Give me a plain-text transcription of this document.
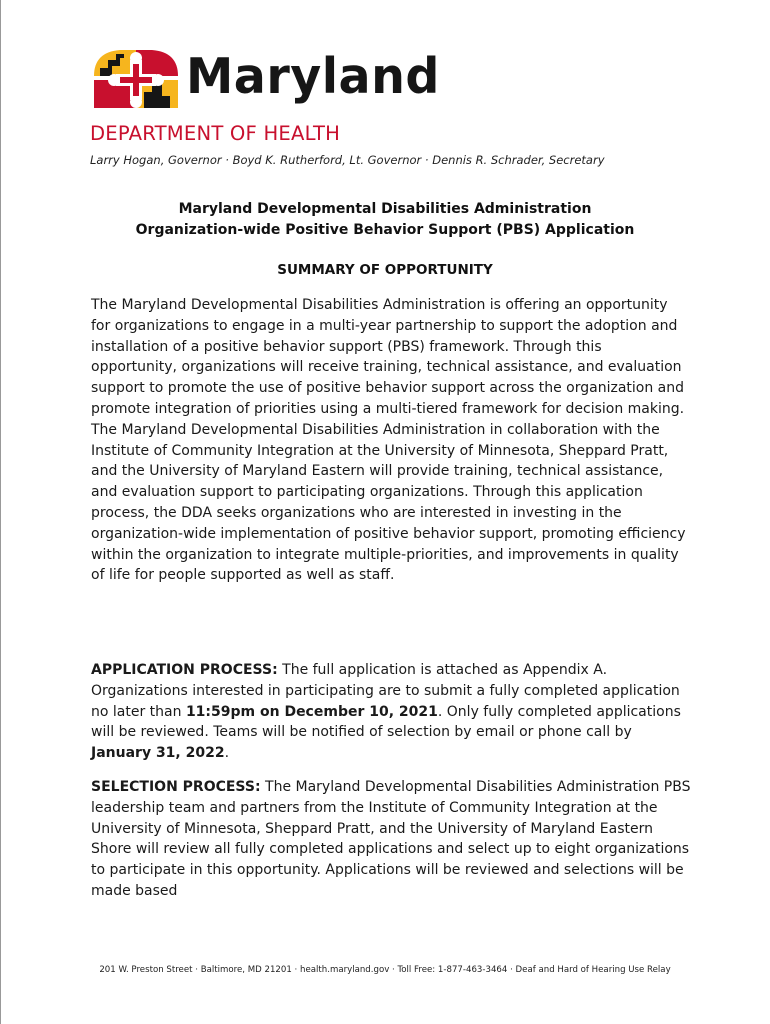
Maryland
DEPARTMENT OF HEALTH
Larry Hogan, Governor · Boyd K. Rutherford, Lt. Governor · Dennis R. Schrader, Secretary
Maryland Developmental Disabilities Administration
Organization-wide Positive Behavior Support (PBS) Application
SUMMARY OF OPPORTUNITY

The Maryland Developmental Disabilities Administration is offering an opportunity for organizations to engage in a multi-year partnership to support the adoption and installation of a positive behavior support (PBS) framework. Through this opportunity, organizations will receive training, technical assistance, and evaluation support to promote the use of positive behavior support across the organization and promote integration of priorities using a multi-tiered framework for decision making. The Maryland Developmental Disabilities Administration in collaboration with the Institute of Community Integration at the University of Minnesota, Sheppard Pratt, and the University of Maryland Eastern will provide training, technical assistance, and evaluation support to participating organizations. Through this application process, the DDA seeks organizations who are interested in investing in the organization-wide implementation of positive behavior support, promoting efficiency within the organization to integrate multiple-priorities, and improvements in quality of life for people supported as well as staff.

APPLICATION PROCESS: The full application is attached as Appendix A. Organizations interested in participating are to submit a fully completed application no later than 11:59pm on December 10, 2021. Only fully completed applications will be reviewed. Teams will be notified of selection by email or phone call by January 31, 2022.

SELECTION PROCESS: The Maryland Developmental Disabilities Administration PBS leadership team and partners from the Institute of Community Integration at the University of Minnesota, Sheppard Pratt, and the University of Maryland Eastern Shore will review all fully completed applications and select up to eight organizations to participate in this opportunity. Applications will be reviewed and selections will be made based

201 W. Preston Street · Baltimore, MD 21201 · health.maryland.gov · Toll Free: 1-877-463-3464 · Deaf and Hard of Hearing Use Relay
